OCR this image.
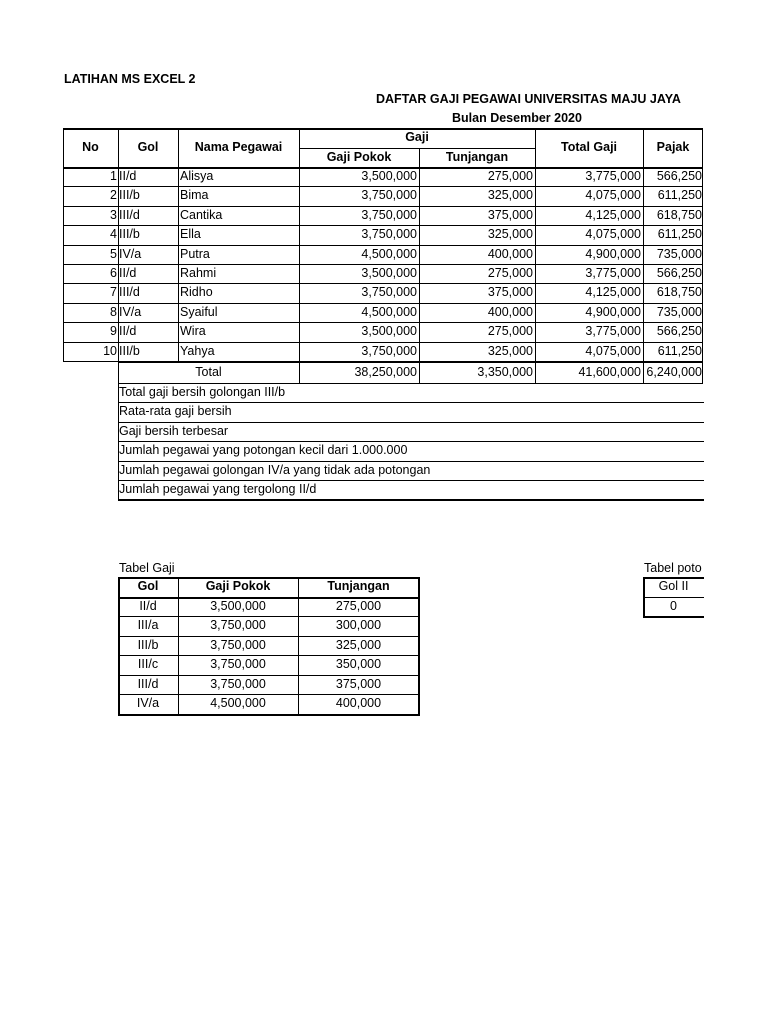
LATIHAN MS EXCEL 2
DAFTAR GAJI PEGAWAI UNIVERSITAS MAJU JAYA
Bulan Desember 2020
No	Gol	Nama Pegawai
Gaji
Gaji Pokok	Tunjangan
Total Gaji	Pajak
1 II/d	Alisya	3,500,000	275,000	3,775,000	566,250
2 III/b	Bima	3,750,000	325,000	4,075,000	611,250
3 III/d	Cantika	3,750,000	375,000	4,125,000	618,750
4 III/b	Ella	3,750,000	325,000	4,075,000	611,250
5 IV/a	Putra	4,500,000	400,000	4,900,000	735,000
6 II/d	Rahmi	3,500,000	275,000	3,775,000	566,250
7 III/d	Ridho	3,750,000	375,000	4,125,000	618,750
8 IV/a	Syaiful	4,500,000	400,000	4,900,000	735,000
9 II/d	Wira	3,500,000	275,000	3,775,000	566,250
10 III/b	Yahya	3,750,000	325,000	4,075,000	611,250
Total	38,250,000	3,350,000	41,600,000 6,240,000
Total gaji bersih golongan III/b
Rata-rata gaji bersih
Gaji bersih terbesar
Jumlah pegawai yang potongan kecil dari 1.000.000
Jumlah pegawai golongan IV/a yang tidak ada potongan
Jumlah pegawai yang tergolong II/d
Tabel Gaji
Gol	Gaji Pokok	Tunjangan
II/d	3,500,000	275,000
III/a	3,750,000	300,000
III/b	3,750,000	325,000
III/c	3,750,000	350,000
III/d	3,750,000	375,000
IV/a	4,500,000	400,000
Tabel poto
Gol II
0
